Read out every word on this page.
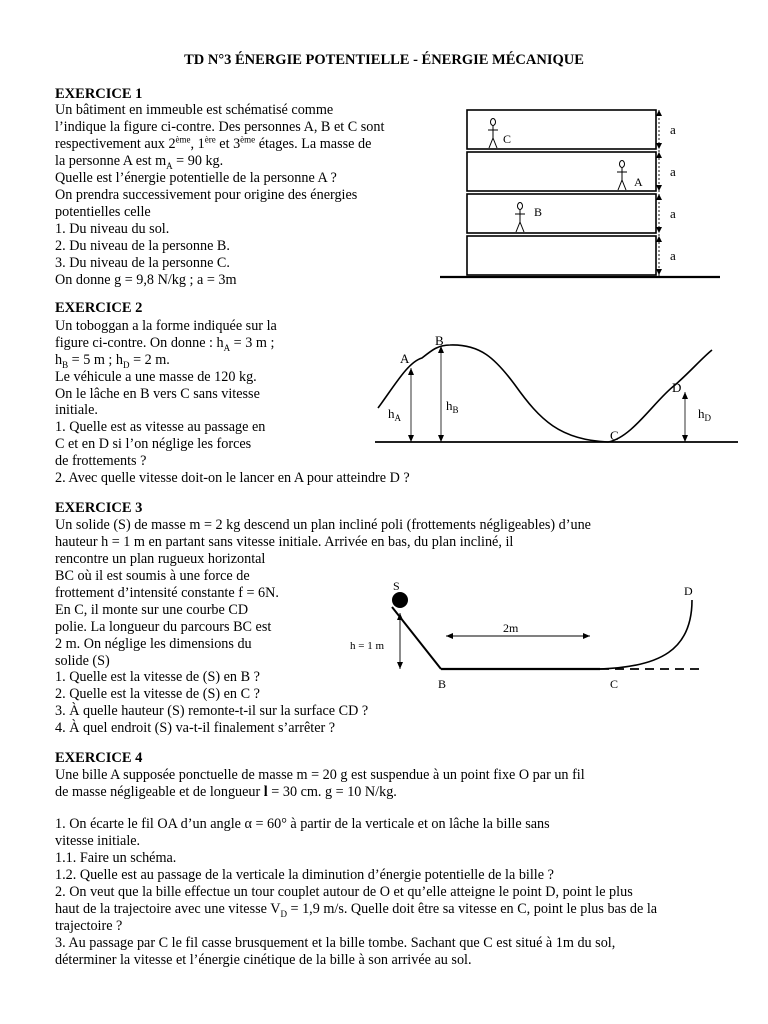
TD N°3 ÉNERGIE POTENTIELLE - ÉNERGIE MÉCANIQUE
EXERCICE 1
Un bâtiment en immeuble est schématisé comme
l’indique la figure ci-contre. Des personnes A, B et C sont
respectivement aux 2ème, 1ère et 3ème étages. La masse de
la personne A est $m_A = 90$ kg.
Quelle est l’énergie potentielle de la personne A ?
On prendra successivement pour origine des énergies
potentielles celle
1. Du niveau du sol.
2. Du niveau de la personne B.
3. Du niveau de la personne C.
On donne g = 9,8 N/kg ; a = 3m
a
a
a
a
C
A
B
EXERCICE 2
Un toboggan a la forme indiquée sur la
figure ci-contre. On donne : $h_A = 3$ m ;
$h_B = 5$ m ; $h_D = 2$ m.
Le véhicule a une masse de 120 kg.
On le lâche en B vers C sans vitesse
initiale.
1. Quelle est as vitesse au passage en
C et en D si l’on néglige les forces
de frottements ?
2. Avec quelle vitesse doit-on le lancer en A pour atteindre D ?
A
B
C
D
$h_A$
$h_B$	$h_D$
EXERCICE 3
Un solide (S) de masse m = 2 kg descend un plan incliné poli (frottements négligeables) d’une
hauteur h = 1 m en partant sans vitesse initiale. Arrivée en bas, du plan incliné, il
rencontre un plan rugueux horizontal
BC où il est soumis à une force de
frottement d’intensité constante f = 6N.
En C, il monte sur une courbe CD
polie. La longueur du parcours BC est
2 m. On néglige les dimensions du
solide (S)
1. Quelle est la vitesse de (S) en B ?
2. Quelle est la vitesse de (S) en C ?
3. À quelle hauteur (S) remonte-t-il sur la surface CD ?
4. À quel endroit (S) va-t-il finalement s’arrêter ?
S	D
h = 1 m
2m
B	C
EXERCICE 4
Une bille A supposée ponctuelle de masse m = 20 g est suspendue à un point fixe O par un fil
de masse négligeable et de longueur l = 30 cm. g = 10 N/kg.
1. On écarte le fil OA d’un angle α = 60° à partir de la verticale et on lâche la bille sans
vitesse initiale.
1.1. Faire un schéma.
1.2. Quelle est au passage de la verticale la diminution d’énergie potentielle de la bille ?
2. On veut que la bille effectue un tour couplet autour de O et qu’elle atteigne le point D, point le plus
haut de la trajectoire avec une vitesse $V_D = 1,9$ m/s. Quelle doit être sa vitesse en C, point le plus bas de la
trajectoire ?
3. Au passage par C le fil casse brusquement et la bille tombe. Sachant que C est situé à 1m du sol,
déterminer la vitesse et l’énergie cinétique de la bille à son arrivée au sol.
